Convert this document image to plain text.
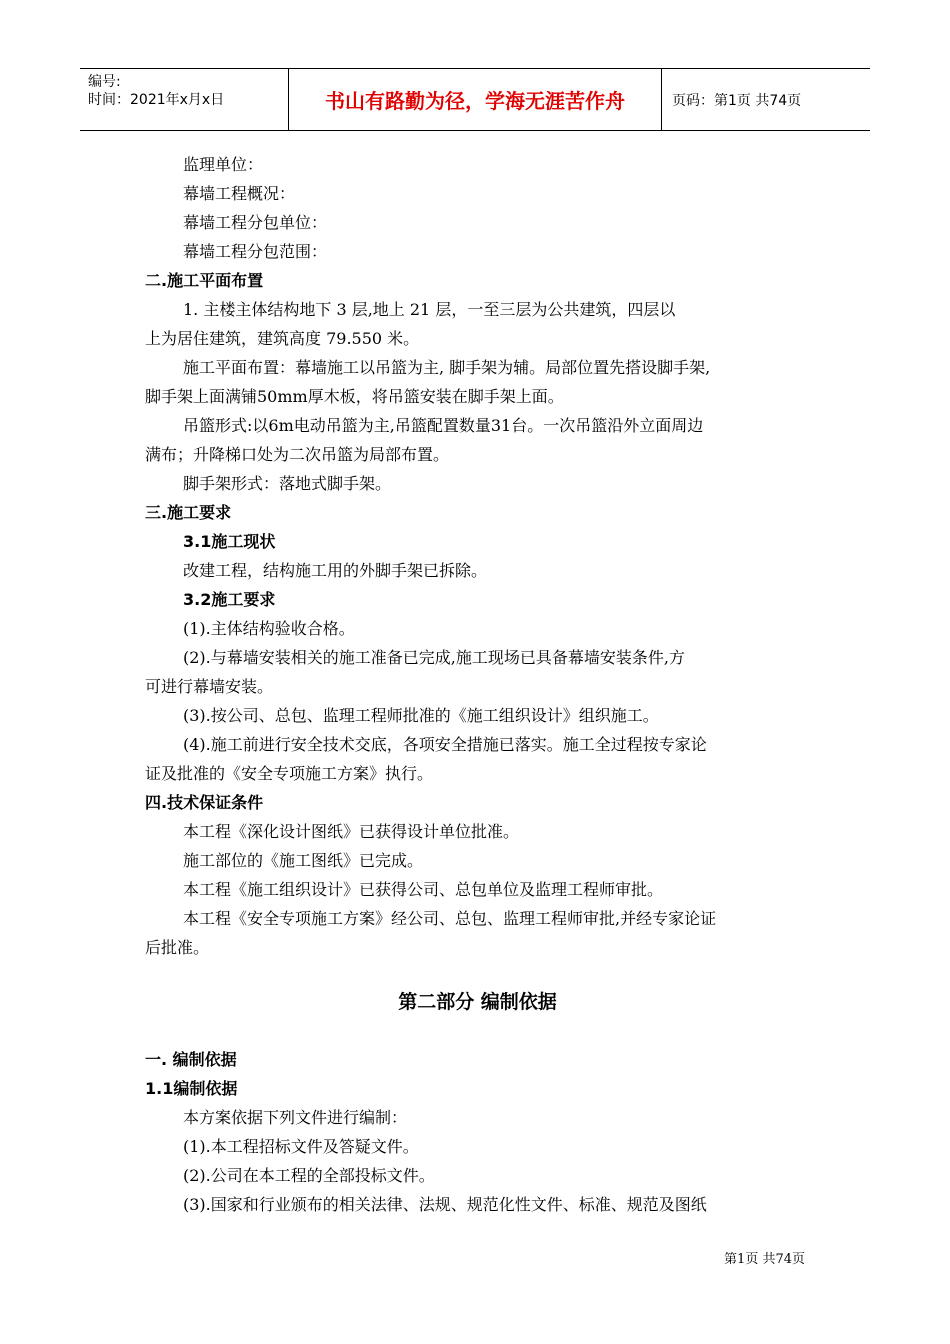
编号:
时间：2021年x月x日	书山有路勤为径，学海无涯苦作舟	页码：第1页 共74页
监理单位：
幕墙工程概况：
幕墙工程分包单位：
幕墙工程分包范围：
二.施工平面布置
1. 主楼主体结构地下 3 层,地上 21 层，一至三层为公共建筑，四层以
上为居住建筑，建筑高度 79.550 米。
施工平面布置：幕墙施工以吊篮为主, 脚手架为辅。局部位置先搭设脚手架,
脚手架上面满铺50mm厚木板，将吊篮安装在脚手架上面。
吊篮形式:以6m电动吊篮为主,吊篮配置数量31台。一次吊篮沿外立面周边
满布；升降梯口处为二次吊篮为局部布置。
脚手架形式：落地式脚手架。
三.施工要求
3.1施工现状
改建工程，结构施工用的外脚手架已拆除。
3.2施工要求
(1).主体结构验收合格。
(2).与幕墙安装相关的施工准备已完成,施工现场已具备幕墙安装条件,方
可进行幕墙安装。
(3).按公司、总包、监理工程师批准的《施工组织设计》组织施工。
(4).施工前进行安全技术交底，各项安全措施已落实。施工全过程按专家论
证及批准的《安全专项施工方案》执行。
四.技术保证条件
本工程《深化设计图纸》已获得设计单位批准。
施工部位的《施工图纸》已完成。
本工程《施工组织设计》已获得公司、总包单位及监理工程师审批。
本工程《安全专项施工方案》经公司、总包、监理工程师审批,并经专家论证
后批准。
第二部分 编制依据
一. 编制依据
1.1编制依据
本方案依据下列文件进行编制：
(1).本工程招标文件及答疑文件。
(2).公司在本工程的全部投标文件。
(3).国家和行业颁布的相关法律、法规、规范化性文件、标准、规范及图纸
第1页 共74页
